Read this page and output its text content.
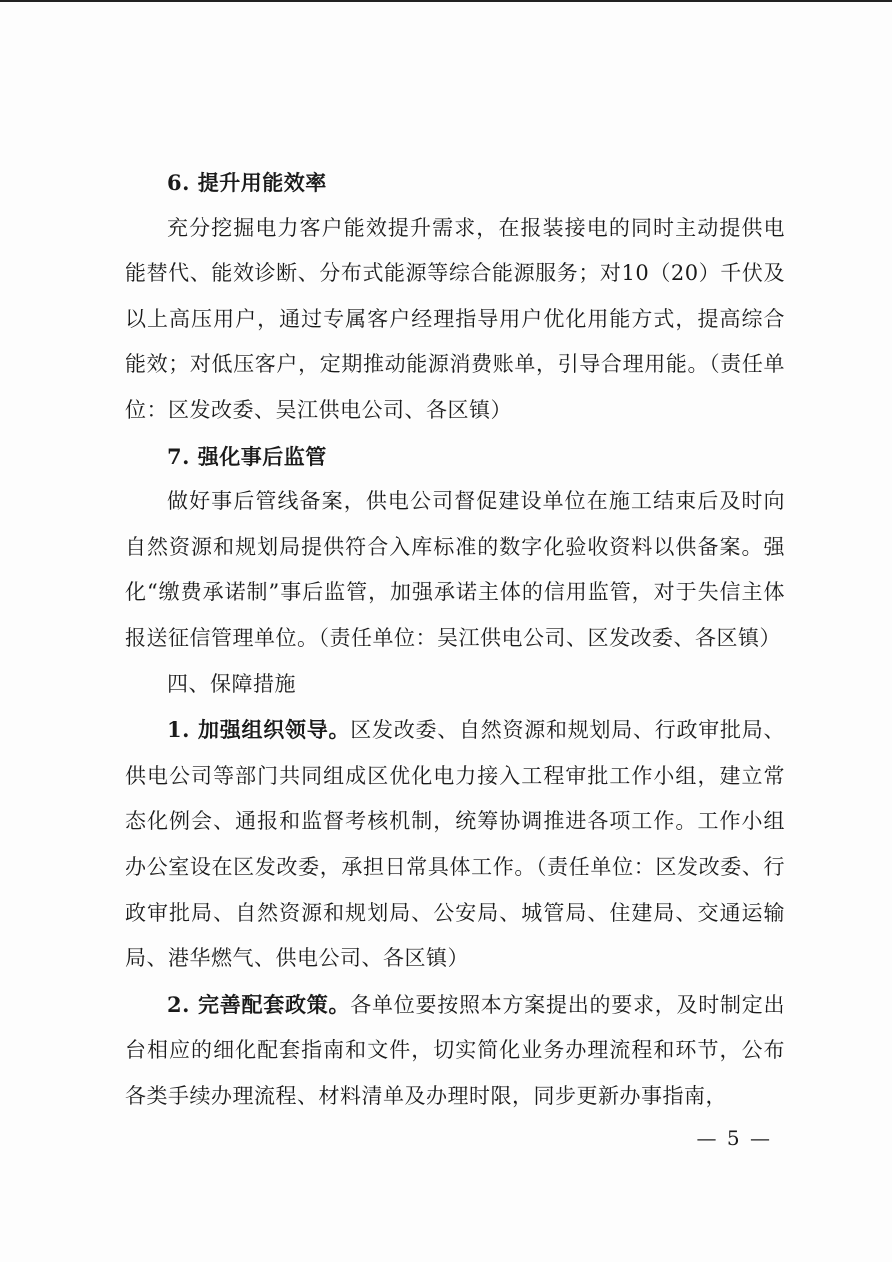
6. 提升用能效率

充分挖掘电力客户能效提升需求，在报装接电的同时主动提供电能替代、能效诊断、分布式能源等综合能源服务；对10（20）千伏及以上高压用户，通过专属客户经理指导用户优化用能方式，提高综合能效；对低压客户，定期推动能源消费账单，引导合理用能。（责任单位：区发改委、吴江供电公司、各区镇）

7. 强化事后监管

做好事后管线备案，供电公司督促建设单位在施工结束后及时向自然资源和规划局提供符合入库标准的数字化验收资料以供备案。强化“缴费承诺制”事后监管，加强承诺主体的信用监管，对于失信主体报送征信管理单位。（责任单位：吴江供电公司、区发改委、各区镇）

四、保障措施

1. 加强组织领导。区发改委、自然资源和规划局、行政审批局、供电公司等部门共同组成区优化电力接入工程审批工作小组，建立常态化例会、通报和监督考核机制，统筹协调推进各项工作。工作小组办公室设在区发改委，承担日常具体工作。（责任单位：区发改委、行政审批局、自然资源和规划局、公安局、城管局、住建局、交通运输局、港华燃气、供电公司、各区镇）

2. 完善配套政策。各单位要按照本方案提出的要求，及时制定出台相应的细化配套指南和文件，切实简化业务办理流程和环节，公布各类手续办理流程、材料清单及办理时限，同步更新办事指南，

— 5 —
